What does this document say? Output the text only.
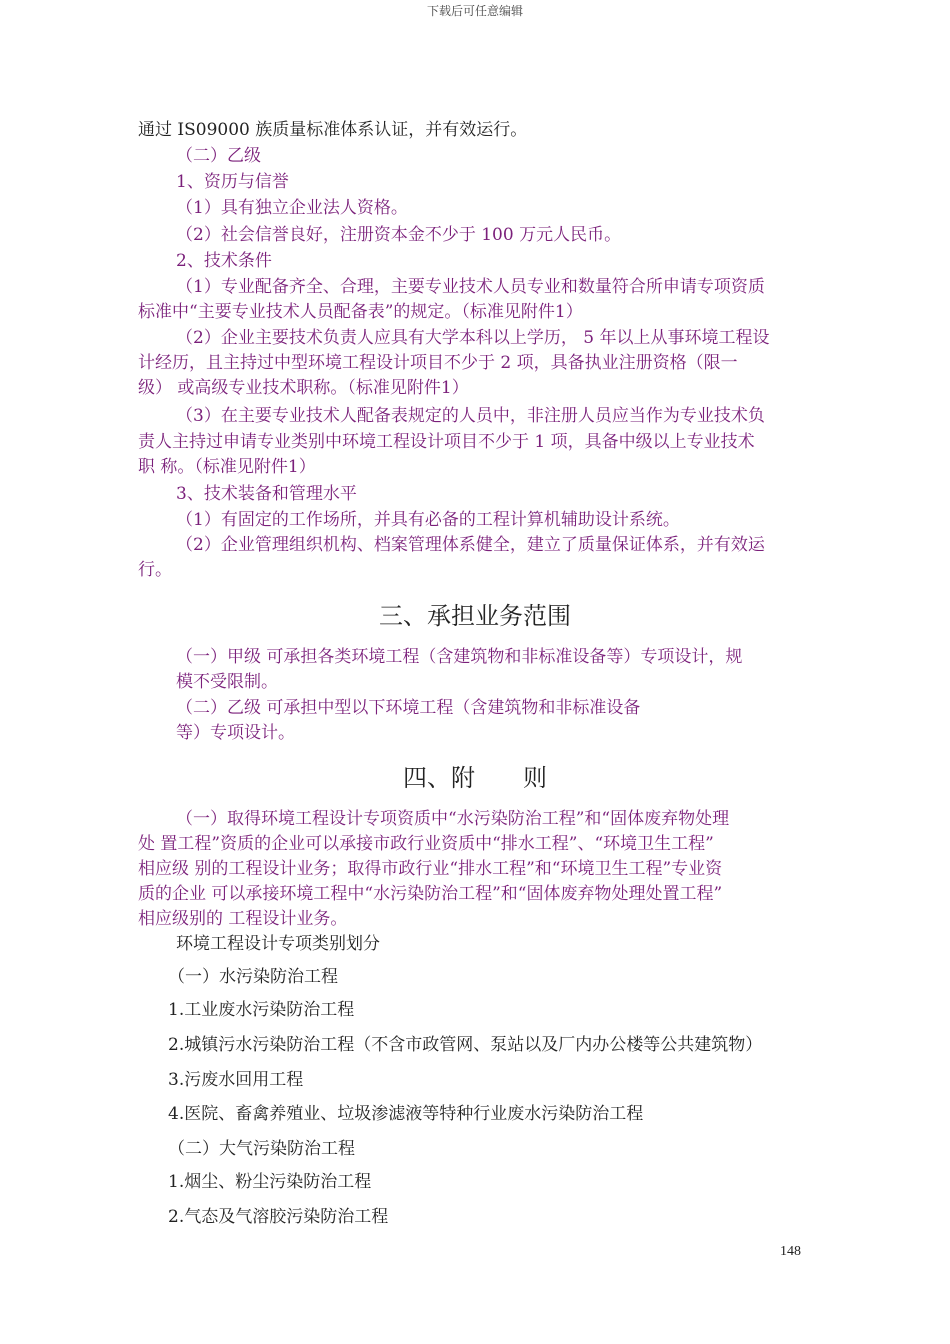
下载后可任意编辑
通过 IS09000 族质量标准体系认证，并有效运行。
（二）乙级
1、资历与信誉
（1）具有独立企业法人资格。
（2）社会信誉良好，注册资本金不少于 100 万元人民币。
2、技术条件
（1）专业配备齐全、合理，主要专业技术人员专业和数量符合所申请专项资质
标准中“主要专业技术人员配备表”的规定。（标准见附件1）
（2）企业主要技术负责人应具有大学本科以上学历， 5 年以上从事环境工程设
计经历，且主持过中型环境工程设计项目不少于 2 项，具备执业注册资格（限一
级） 或高级专业技术职称。（标准见附件1）
（3）在主要专业技术人配备表规定的人员中，非注册人员应当作为专业技术负
责人主持过申请专业类别中环境工程设计项目不少于 1 项，具备中级以上专业技术
职 称。（标准见附件1）
3、技术装备和管理水平
（1）有固定的工作场所，并具有必备的工程计算机辅助设计系统。
（2）企业管理组织机构、档案管理体系健全，建立了质量保证体系，并有效运
行。
三、承担业务范围
（一）甲级 可承担各类环境工程（含建筑物和非标准设备等）专项设计，规
模不受限制。
（二）乙级 可承担中型以下环境工程（含建筑物和非标准设备
等）专项设计。
四、附　　则
（一）取得环境工程设计专项资质中“水污染防治工程”和“固体废弃物处理
处 置工程”资质的企业可以承接市政行业资质中“排水工程”、“环境卫生工程”
相应级 别的工程设计业务；取得市政行业“排水工程”和“环境卫生工程”专业资
质的企业 可以承接环境工程中“水污染防治工程”和“固体废弃物处理处置工程”
相应级别的 工程设计业务。
环境工程设计专项类别划分
（一）水污染防治工程
1.工业废水污染防治工程
2.城镇污水污染防治工程（不含市政管网、泵站以及厂内办公楼等公共建筑物）
3.污废水回用工程
4.医院、畜禽养殖业、垃圾渗滤液等特种行业废水污染防治工程
（二）大气污染防治工程
1.烟尘、粉尘污染防治工程
2.气态及气溶胶污染防治工程
148
